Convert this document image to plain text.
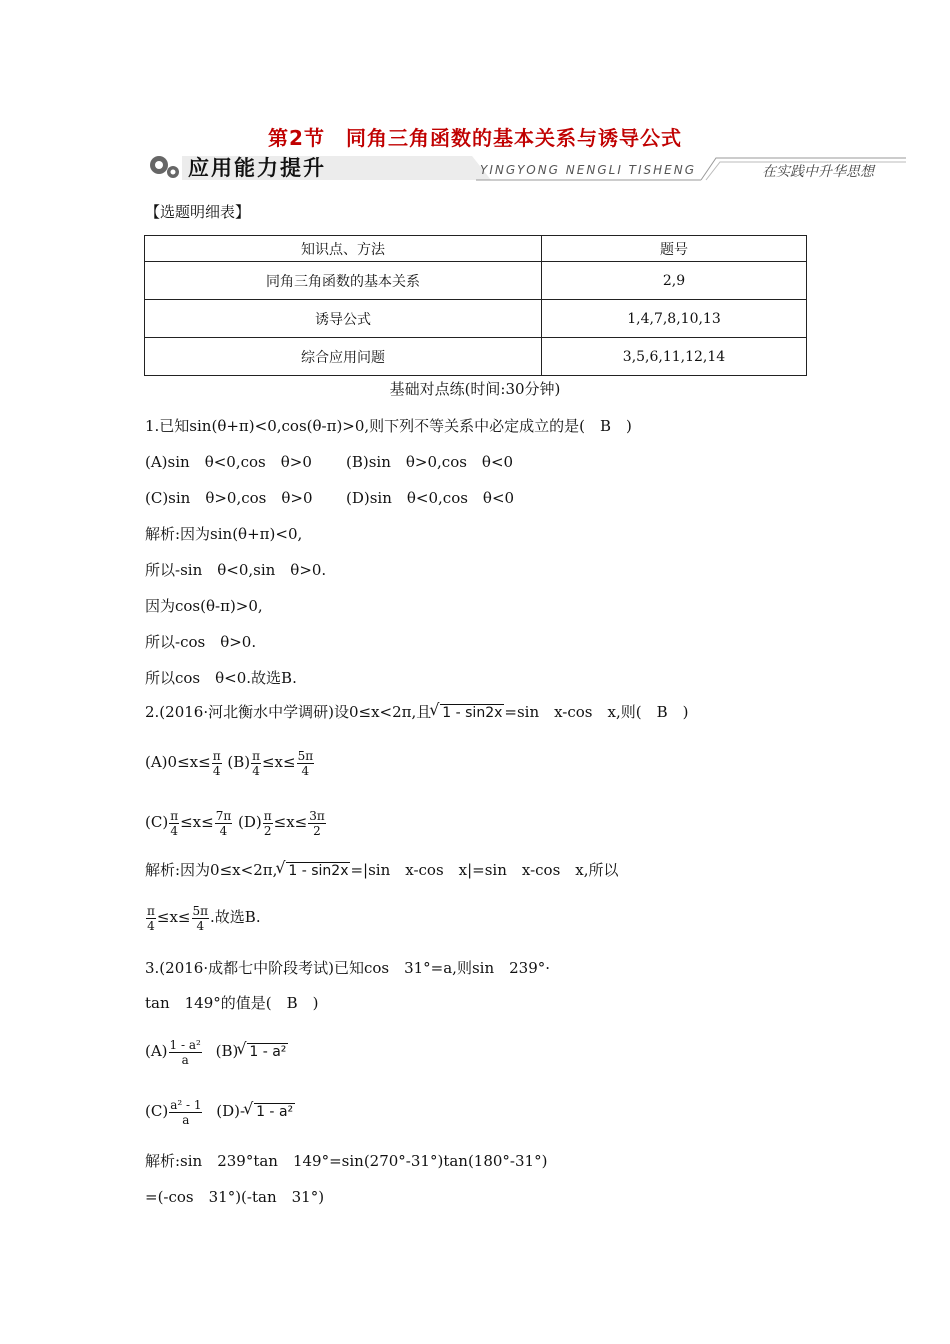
第2节　同角三角函数的基本关系与诱导公式
应用能力提升	YINGYONG NENGLI TISHENG	在实践中升华思想
【选题明细表】
知识点、方法	题号
同角三角函数的基本关系	2,9
诱导公式	1,4,7,8,10,13
综合应用问题	3,5,6,11,12,14
基础对点练(时间:30分钟)
1.已知sin(θ+π)<0,cos(θ-π)>0,则下列不等关系中必定成立的是(　B　)
(A)sin　θ<0,cos　θ>0 (B)sin　θ>0,cos　θ<0
(C)sin　θ>0,cos　θ>0 (D)sin　θ<0,cos　θ<0
解析:因为sin(θ+π)<0,
所以-sin　θ<0,sin　θ>0.
因为cos(θ-π)>0,
所以-cos　θ>0.
所以cos　θ<0.故选B.
2.(2016·河北衡水中学调研)设0≤x<2π,且 √ 1 - sin2x =sin　x-cos　x,则(　B　)
$(A)0\le x\le \frac{\pi}{4} (B) \frac{\pi}{4} \le x\le \frac{5\pi}{4}$
$(C) \frac{\pi}{4} \le x\le \frac{7\pi}{4} (D) \frac{\pi}{2} \le x\le \frac{3\pi}{2}$
解析:因为0≤x<2π, √ 1 - sin2x =|sin　x-cos　x|=sin　x-cos　x,所以
$\frac{\pi}{4} \le x\le \frac{5\pi}{4}$ .故选B.
3.(2016·成都七中阶段考试)已知cos　31°=a,则sin　239°·
tan　149°的值是(　B　)
$(A) \frac{\text{1 - a²}}{a} (B)$ √ 1 - a²
$(C) \frac{\text{a² - 1}}{a} (D)-$ √ 1 - a²
解析:sin　239°tan　149°=sin(270°-31°)tan(180°-31°)
=(-cos　31°)(-tan　31°)
